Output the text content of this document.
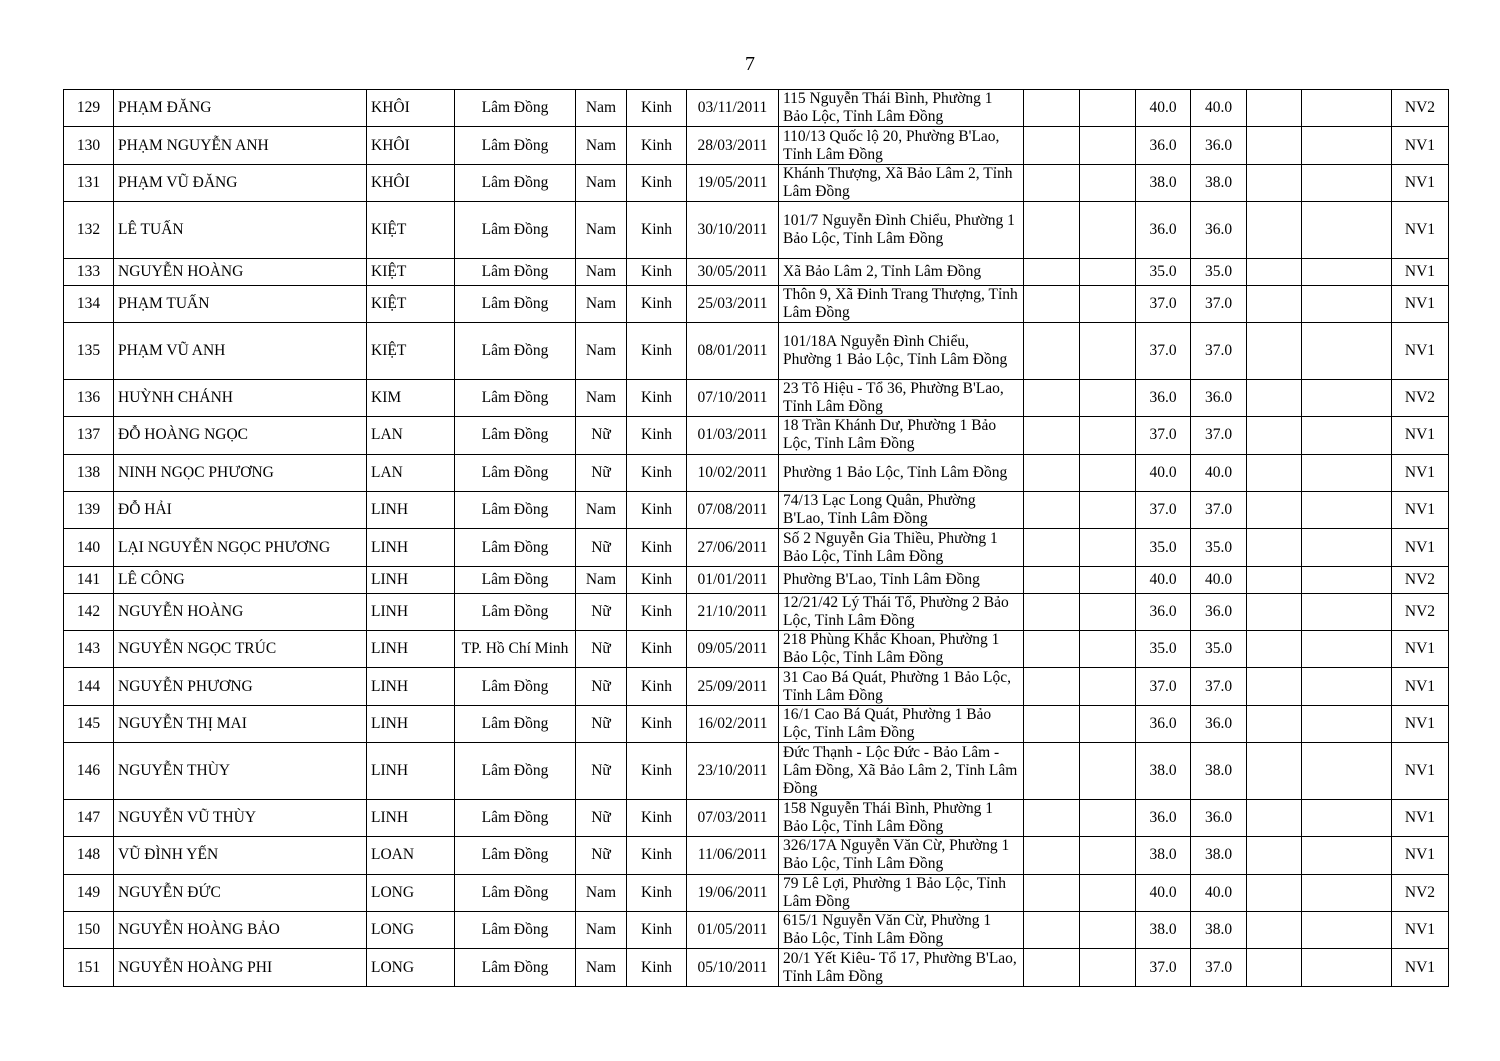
7
129	PHẠM ĐĂNG	KHÔI	Lâm Đồng	Nam	Kinh	03/11/2011	115 Nguyễn Thái Bình, Phường 1 Bảo Lộc, Tỉnh Lâm Đồng			40.0	40.0			NV2
130	PHẠM NGUYỄN ANH	KHÔI	Lâm Đồng	Nam	Kinh	28/03/2011	110/13 Quốc lộ 20, Phường B'Lao, Tỉnh Lâm Đồng			36.0	36.0			NV1
131	PHẠM VŨ ĐĂNG	KHÔI	Lâm Đồng	Nam	Kinh	19/05/2011	Khánh Thượng, Xã Bảo Lâm 2, Tỉnh Lâm Đồng			38.0	38.0			NV1
132	LÊ TUẤN	KIỆT	Lâm Đồng	Nam	Kinh	30/10/2011	101/7 Nguyễn Đình Chiểu, Phường 1 Bảo Lộc, Tỉnh Lâm Đồng			36.0	36.0			NV1
133	NGUYỄN HOÀNG	KIỆT	Lâm Đồng	Nam	Kinh	30/05/2011	Xã Bảo Lâm 2, Tỉnh Lâm Đồng			35.0	35.0			NV1
134	PHẠM TUẤN	KIỆT	Lâm Đồng	Nam	Kinh	25/03/2011	Thôn 9, Xã Đinh Trang Thượng, Tỉnh Lâm Đồng			37.0	37.0			NV1
135	PHẠM VŨ ANH	KIỆT	Lâm Đồng	Nam	Kinh	08/01/2011	101/18A Nguyễn Đình Chiểu, Phường 1 Bảo Lộc, Tỉnh Lâm Đồng			37.0	37.0			NV1
136	HUỲNH CHÁNH	KIM	Lâm Đồng	Nam	Kinh	07/10/2011	23 Tô Hiệu - Tổ 36, Phường B'Lao, Tỉnh Lâm Đồng			36.0	36.0			NV2
137	ĐỖ HOÀNG NGỌC	LAN	Lâm Đồng	Nữ	Kinh	01/03/2011	18 Trần Khánh Dư, Phường 1 Bảo Lộc, Tỉnh Lâm Đồng			37.0	37.0			NV1
138	NINH NGỌC PHƯƠNG	LAN	Lâm Đồng	Nữ	Kinh	10/02/2011	Phường 1 Bảo Lộc, Tỉnh Lâm Đồng			40.0	40.0			NV1
139	ĐỖ HẢI	LINH	Lâm Đồng	Nam	Kinh	07/08/2011	74/13 Lạc Long Quân, Phường B'Lao, Tỉnh Lâm Đồng			37.0	37.0			NV1
140	LẠI NGUYỄN NGỌC PHƯƠNG	LINH	Lâm Đồng	Nữ	Kinh	27/06/2011	Số 2 Nguyễn Gia Thiều, Phường 1 Bảo Lộc, Tỉnh Lâm Đồng			35.0	35.0			NV1
141	LÊ CÔNG	LINH	Lâm Đồng	Nam	Kinh	01/01/2011	Phường B'Lao, Tỉnh Lâm Đồng			40.0	40.0			NV2
142	NGUYỄN HOÀNG	LINH	Lâm Đồng	Nữ	Kinh	21/10/2011	12/21/42 Lý Thái Tổ, Phường 2 Bảo Lộc, Tỉnh Lâm Đồng			36.0	36.0			NV2
143	NGUYỄN NGỌC TRÚC	LINH	TP. Hồ Chí Minh	Nữ	Kinh	09/05/2011	218 Phùng Khắc Khoan, Phường 1 Bảo Lộc, Tỉnh Lâm Đồng			35.0	35.0			NV1
144	NGUYỄN PHƯƠNG	LINH	Lâm Đồng	Nữ	Kinh	25/09/2011	31 Cao Bá Quát, Phường 1 Bảo Lộc, Tỉnh Lâm Đồng			37.0	37.0			NV1
145	NGUYỄN THỊ MAI	LINH	Lâm Đồng	Nữ	Kinh	16/02/2011	16/1 Cao Bá Quát, Phường 1 Bảo Lộc, Tỉnh Lâm Đồng			36.0	36.0			NV1
146	NGUYỄN THÙY	LINH	Lâm Đồng	Nữ	Kinh	23/10/2011	Đức Thạnh - Lộc Đức - Bảo Lâm - Lâm Đồng, Xã Bảo Lâm 2, Tỉnh Lâm Đồng			38.0	38.0			NV1
147	NGUYỄN VŨ THÙY	LINH	Lâm Đồng	Nữ	Kinh	07/03/2011	158 Nguyễn Thái Bình, Phường 1 Bảo Lộc, Tỉnh Lâm Đồng			36.0	36.0			NV1
148	VŨ ĐÌNH YẾN	LOAN	Lâm Đồng	Nữ	Kinh	11/06/2011	326/17A Nguyễn Văn Cừ, Phường 1 Bảo Lộc, Tỉnh Lâm Đồng			38.0	38.0			NV1
149	NGUYỄN ĐỨC	LONG	Lâm Đồng	Nam	Kinh	19/06/2011	79 Lê Lợi, Phường 1 Bảo Lộc, Tỉnh Lâm Đồng			40.0	40.0			NV2
150	NGUYỄN HOÀNG BẢO	LONG	Lâm Đồng	Nam	Kinh	01/05/2011	615/1 Nguyễn Văn Cừ, Phường 1 Bảo Lộc, Tỉnh Lâm Đồng			38.0	38.0			NV1
151	NGUYỄN HOÀNG PHI	LONG	Lâm Đồng	Nam	Kinh	05/10/2011	20/1 Yết Kiêu- Tổ 17, Phường B'Lao, Tỉnh Lâm Đồng			37.0	37.0			NV1
